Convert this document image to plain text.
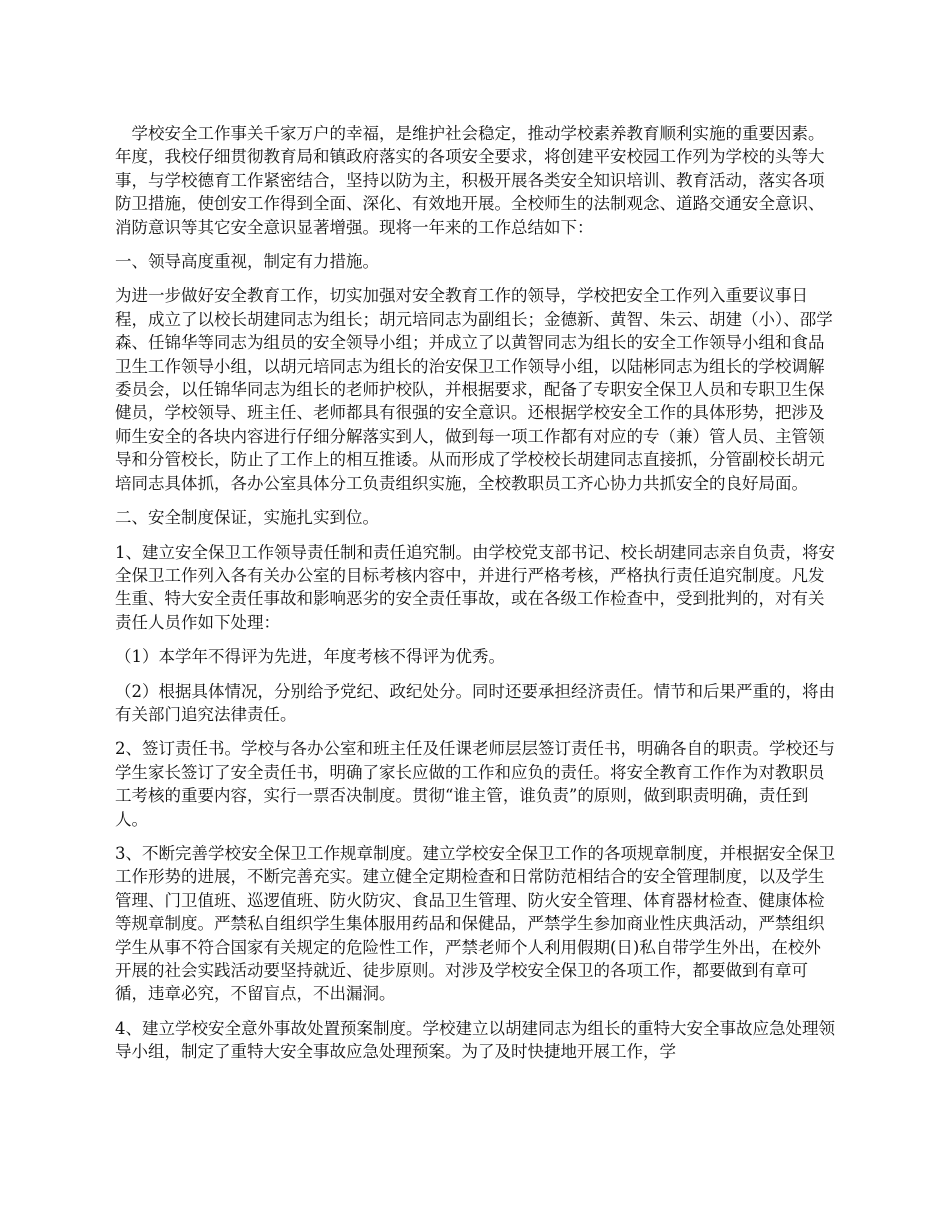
学校安全工作事关千家万户的幸福，是维护社会稳定，推动学校素养教育顺利实施的重要因素。年度，我校仔细贯彻教育局和镇政府落实的各项安全要求，将创建平安校园工作列为学校的头等大事，与学校德育工作紧密结合，坚持以防为主，积极开展各类安全知识培训、教育活动，落实各项防卫措施，使创安工作得到全面、深化、有效地开展。全校师生的法制观念、道路交通安全意识、消防意识等其它安全意识显著增强。现将一年来的工作总结如下：

一、领导高度重视，制定有力措施。

为进一步做好安全教育工作，切实加强对安全教育工作的领导，学校把安全工作列入重要议事日程，成立了以校长胡建同志为组长；胡元培同志为副组长；金德新、黄智、朱云、胡建（小）、邵学森、任锦华等同志为组员的安全领导小组；并成立了以黄智同志为组长的安全工作领导小组和食品卫生工作领导小组，以胡元培同志为组长的治安保卫工作领导小组，以陆彬同志为组长的学校调解委员会，以任锦华同志为组长的老师护校队，并根据要求，配备了专职安全保卫人员和专职卫生保健员，学校领导、班主任、老师都具有很强的安全意识。还根据学校安全工作的具体形势，把涉及师生安全的各块内容进行仔细分解落实到人，做到每一项工作都有对应的专（兼）管人员、主管领导和分管校长，防止了工作上的相互推诿。从而形成了学校校长胡建同志直接抓，分管副校长胡元培同志具体抓，各办公室具体分工负责组织实施，全校教职员工齐心协力共抓安全的良好局面。

二、安全制度保证，实施扎实到位。

1、建立安全保卫工作领导责任制和责任追究制。由学校党支部书记、校长胡建同志亲自负责，将安全保卫工作列入各有关办公室的目标考核内容中，并进行严格考核，严格执行责任追究制度。凡发生重、特大安全责任事故和影响恶劣的安全责任事故，或在各级工作检查中，受到批判的，对有关责任人员作如下处理：

（1）本学年不得评为先进，年度考核不得评为优秀。

（2）根据具体情况，分别给予党纪、政纪处分。同时还要承担经济责任。情节和后果严重的，将由有关部门追究法律责任。

2、签订责任书。学校与各办公室和班主任及任课老师层层签订责任书，明确各自的职责。学校还与学生家长签订了安全责任书，明确了家长应做的工作和应负的责任。将安全教育工作作为对教职员工考核的重要内容，实行一票否决制度。贯彻“谁主管，谁负责”的原则，做到职责明确，责任到人。

3、不断完善学校安全保卫工作规章制度。建立学校安全保卫工作的各项规章制度，并根据安全保卫工作形势的进展，不断完善充实。建立健全定期检查和日常防范相结合的安全管理制度，以及学生管理、门卫值班、巡逻值班、防火防灾、食品卫生管理、防火安全管理、体育器材检查、健康体检等规章制度。严禁私自组织学生集体服用药品和保健品，严禁学生参加商业性庆典活动，严禁组织学生从事不符合国家有关规定的危险性工作，严禁老师个人利用假期(日)私自带学生外出，在校外开展的社会实践活动要坚持就近、徒步原则。对涉及学校安全保卫的各项工作，都要做到有章可循，违章必究，不留盲点，不出漏洞。

4、建立学校安全意外事故处置预案制度。学校建立以胡建同志为组长的重特大安全事故应急处理领导小组，制定了重特大安全事故应急处理预案。为了及时快捷地开展工作，学
